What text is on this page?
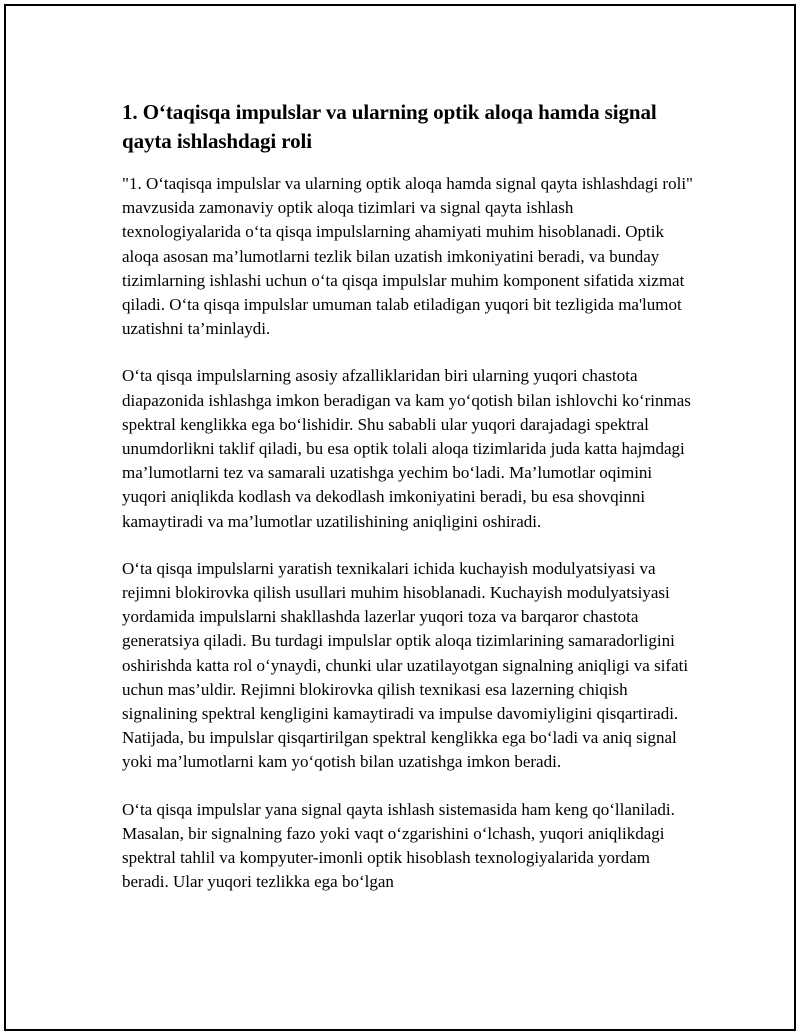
1. O‘taqisqa impulslar va ularning optik aloqa hamda signal qayta ishlashdagi roli

"1. O‘taqisqa impulslar va ularning optik aloqa hamda signal qayta ishlashdagi roli" mavzusida zamonaviy optik aloqa tizimlari va signal qayta ishlash texnologiyalarida o‘ta qisqa impulslarning ahamiyati muhim hisoblanadi. Optik aloqa asosan ma’lumotlarni tezlik bilan uzatish imkoniyatini beradi, va bunday tizimlarning ishlashi uchun o‘ta qisqa impulslar muhim komponent sifatida xizmat qiladi. O‘ta qisqa impulslar umuman talab etiladigan yuqori bit tezligida ma'lumot uzatishni ta’minlaydi.

O‘ta qisqa impulslarning asosiy afzalliklaridan biri ularning yuqori chastota diapazonida ishlashga imkon beradigan va kam yo‘qotish bilan ishlovchi ko‘rinmas spektral kenglikka ega bo‘lishidir. Shu sababli ular yuqori darajadagi spektral unumdorlikni taklif qiladi, bu esa optik tolali aloqa tizimlarida juda katta hajmdagi ma’lumotlarni tez va samarali uzatishga yechim bo‘ladi. Ma’lumotlar oqimini yuqori aniqlikda kodlash va dekodlash imkoniyatini beradi, bu esa shovqinni kamaytiradi va ma’lumotlar uzatilishining aniqligini oshiradi.

O‘ta qisqa impulslarni yaratish texnikalari ichida kuchayish modulyatsiyasi va rejimni blokirovka qilish usullari muhim hisoblanadi. Kuchayish modulyatsiyasi yordamida impulslarni shakllashda lazerlar yuqori toza va barqaror chastota generatsiya qiladi. Bu turdagi impulslar optik aloqa tizimlarining samaradorligini oshirishda katta rol o‘ynaydi, chunki ular uzatilayotgan signalning aniqligi va sifati uchun mas’uldir. Rejimni blokirovka qilish texnikasi esa lazerning chiqish signalining spektral kengligini kamaytiradi va impulse davomiyligini qisqartiradi. Natijada, bu impulslar qisqartirilgan spektral kenglikka ega bo‘ladi va aniq signal yoki ma’lumotlarni kam yo‘qotish bilan uzatishga imkon beradi.

O‘ta qisqa impulslar yana signal qayta ishlash sistemasida ham keng qo‘llaniladi. Masalan, bir signalning fazo yoki vaqt o‘zgarishini o‘lchash, yuqori aniqlikdagi spektral tahlil va kompyuter-imonli optik hisoblash texnologiyalarida yordam beradi. Ular yuqori tezlikka ega bo‘lgan
